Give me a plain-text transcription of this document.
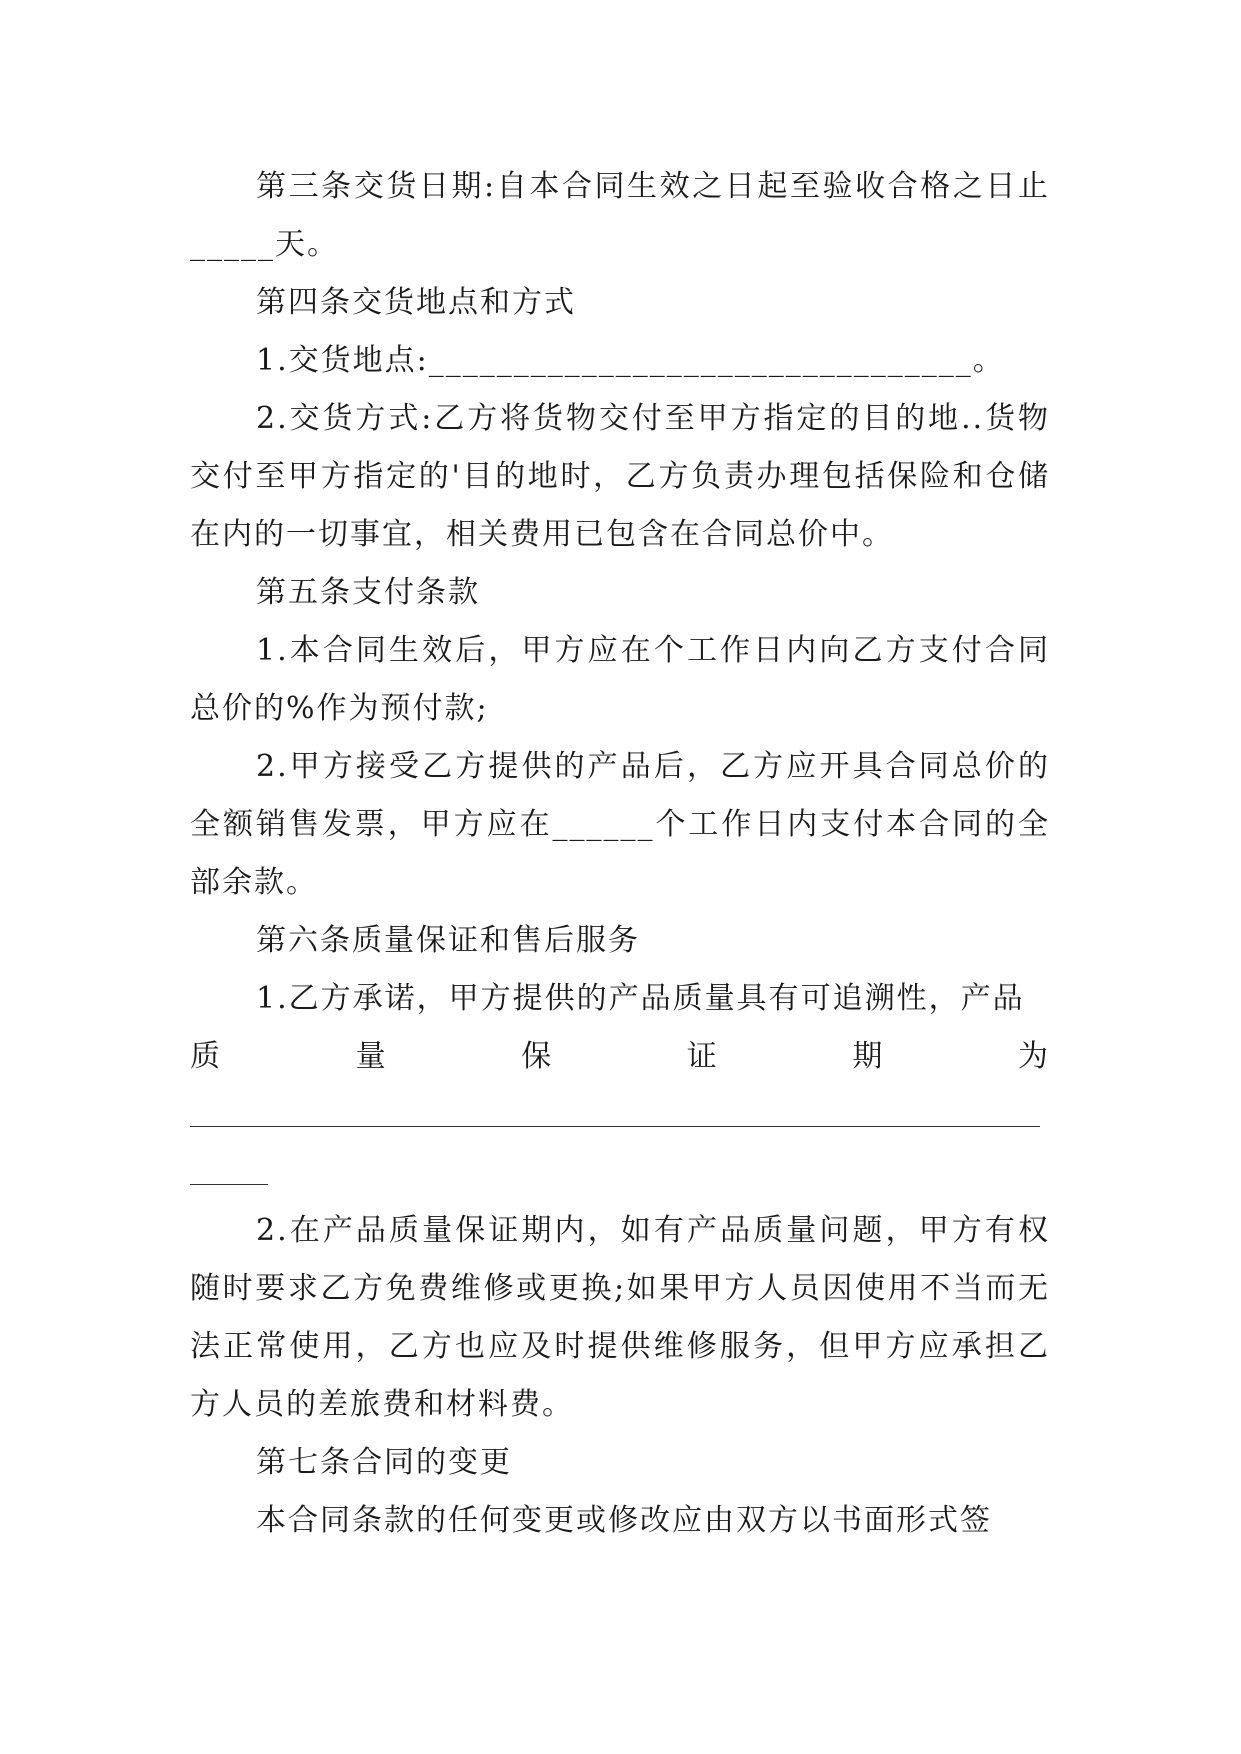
第三条交货日期:自本合同生效之日起至验收合格之日止_____天。

第四条交货地点和方式

1.交货地点:________________________________。

2.交货方式:乙方将货物交付至甲方指定的目的地..货物交付至甲方指定的'目的地时，乙方负责办理包括保险和仓储在内的一切事宜，相关费用已包含在合同总价中。

第五条支付条款

1.本合同生效后，甲方应在个工作日内向乙方支付合同总价的%作为预付款;

2.甲方接受乙方提供的产品后，乙方应开具合同总价的全额销售发票，甲方应在______个工作日内支付本合同的全部余款。

第六条质量保证和售后服务

1.乙方承诺，甲方提供的产品质量具有可追溯性，产品

质	量	保	证	期	为

2.在产品质量保证期内，如有产品质量问题，甲方有权随时要求乙方免费维修或更换;如果甲方人员因使用不当而无法正常使用，乙方也应及时提供维修服务，但甲方应承担乙方人员的差旅费和材料费。

第七条合同的变更

本合同条款的任何变更或修改应由双方以书面形式签
